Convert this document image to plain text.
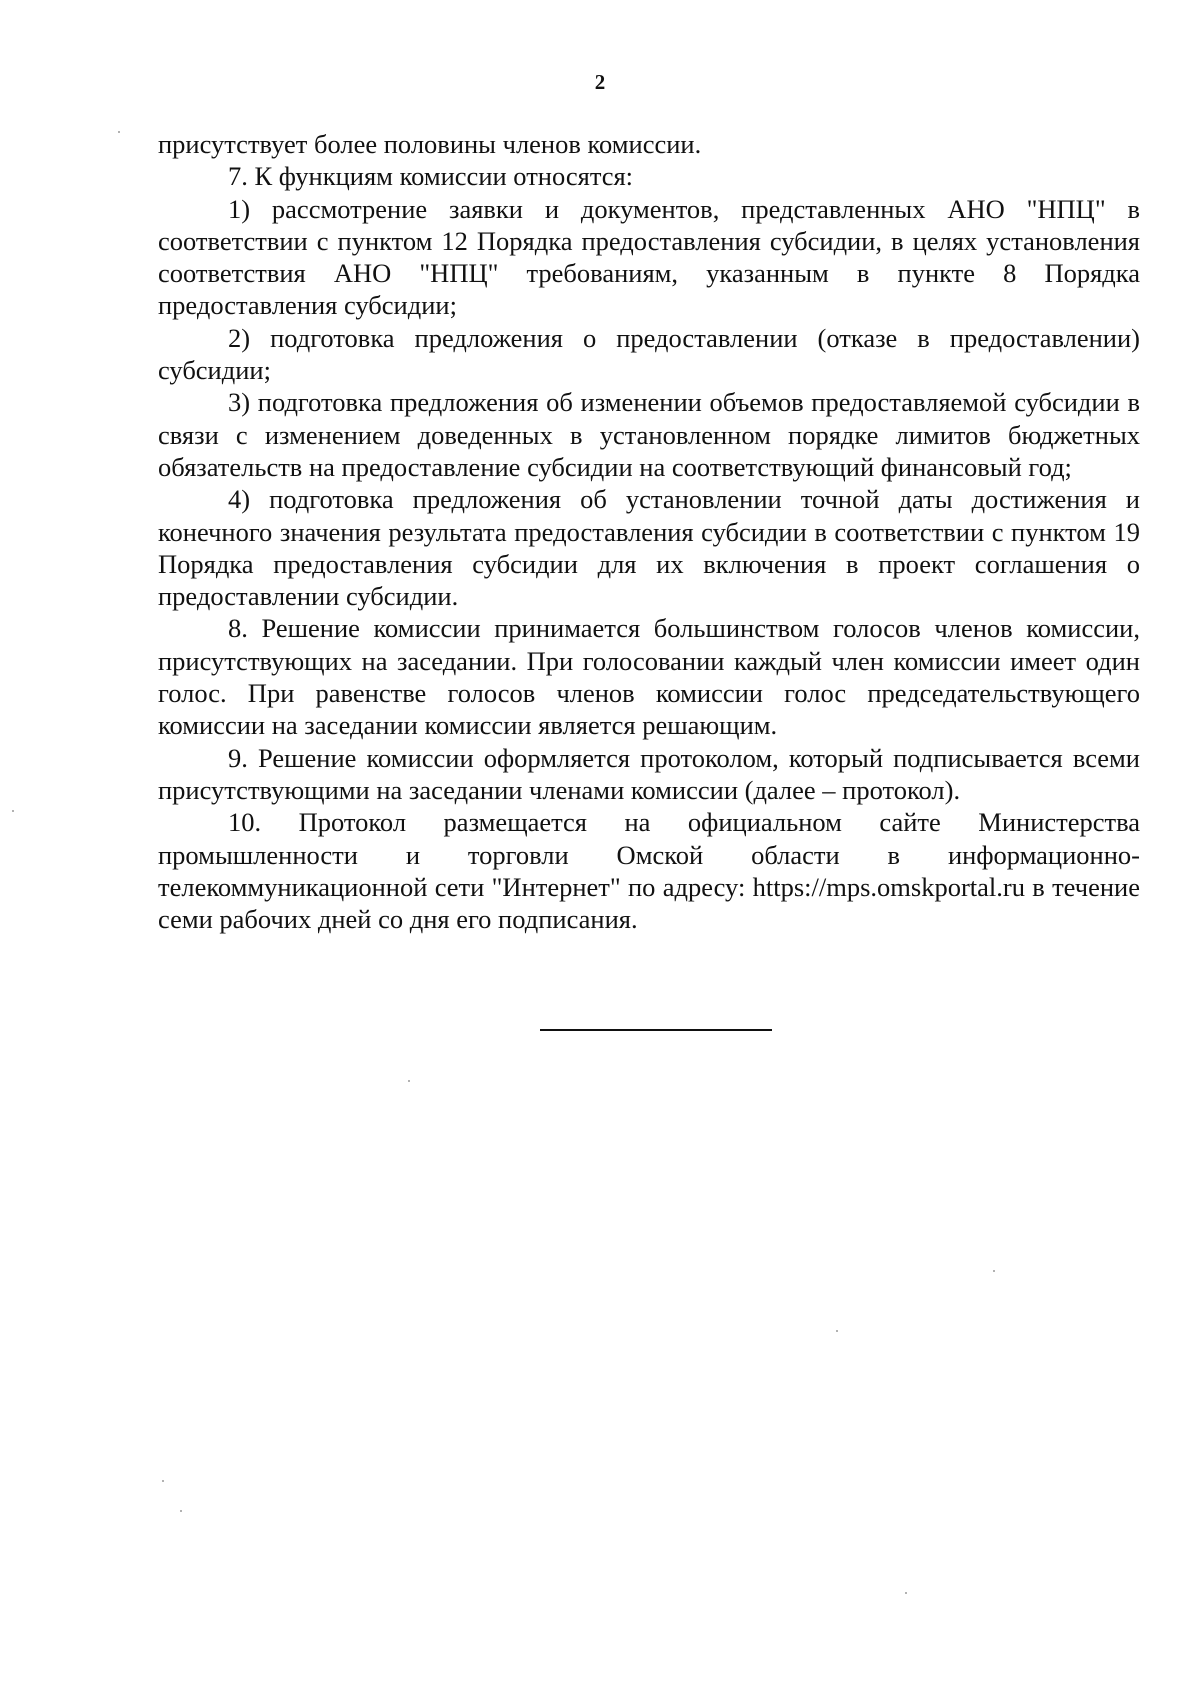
2

присутствует более половины членов комиссии.

7. К функциям комиссии относятся:

1) рассмотрение заявки и документов, представленных АНО "НПЦ" в соответствии с пунктом 12 Порядка предоставления субсидии, в целях установления соответствия АНО "НПЦ" требованиям, указанным в пункте 8 Порядка предоставления субсидии;

2) подготовка предложения о предоставлении (отказе в предоставлении) субсидии;

3) подготовка предложения об изменении объемов предоставляемой субсидии в связи с изменением доведенных в установленном порядке лимитов бюджетных обязательств на предоставление субсидии на соответствующий финансовый год;

4) подготовка предложения об установлении точной даты достижения и конечного значения результата предоставления субсидии в соответствии с пунктом 19 Порядка предоставления субсидии для их включения в проект соглашения о предоставлении субсидии.

8. Решение комиссии принимается большинством голосов членов комиссии, присутствующих на заседании. При голосовании каждый член комиссии имеет один голос. При равенстве голосов членов комиссии голос председательствующего комиссии на заседании комиссии является решающим.

9. Решение комиссии оформляется протоколом, который подписывается всеми присутствующими на заседании членами комиссии (далее – протокол).

10. Протокол размещается на официальном сайте Министерства промышленности и торговли Омской области в информационно-телекоммуникационной сети "Интернет" по адресу: https://mps.omskportal.ru в течение семи рабочих дней со дня его подписания.
